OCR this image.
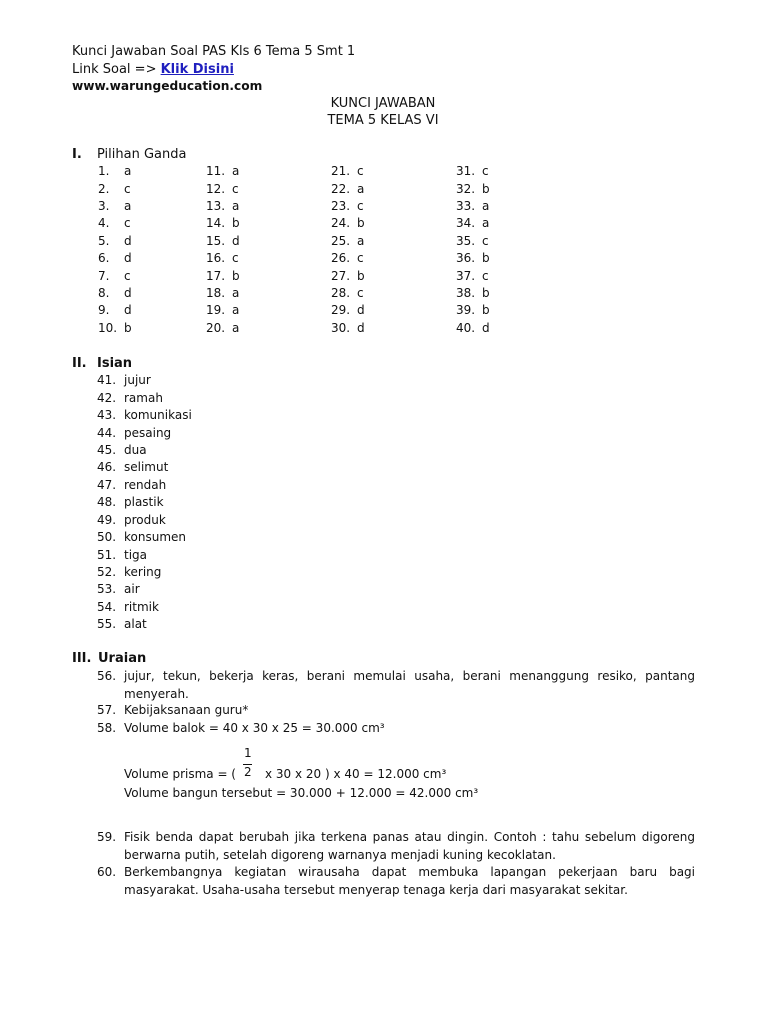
Kunci Jawaban Soal PAS Kls 6 Tema 5 Smt 1
Link Soal => Klik Disini
www.warungeducation.com
KUNCI JAWABAN
TEMA 5 KELAS VI
I. Pilihan Ganda
1. a
2. c
3. a
4. c
5. d
6. d
7. c
8. d
9. d
10. b
11. a
12. c
13. a
14. b
15. d
16. c
17. b
18. a
19. a
20. a
21. c
22. a
23. c
24. b
25. a
26. c
27. b
28. c
29. d
30. d
31. c
32. b
33. a
34. a
35. c
36. b
37. c
38. b
39. b
40. d
II. Isian
41. jujur
42. ramah
43. komunikasi
44. pesaing
45. dua
46. selimut
47. rendah
48. plastik
49. produk
50. konsumen
51. tiga
52. kering
53. air
54. ritmik
55. alat
III. Uraian
56. jujur, tekun, bekerja keras, berani memulai usaha, berani menanggung resiko, pantang menyerah.
57. Kebijaksanaan guru*
58. Volume balok = 40 x 30 x 25 = 30.000 cm³
Volume prisma = (
1
2 x 30 x 20 ) x 40 = 12.000 cm³
Volume bangun tersebut = 30.000 + 12.000 = 42.000 cm³
59. Fisik benda dapat berubah jika terkena panas atau dingin. Contoh : tahu sebelum digoreng berwarna putih, setelah digoreng warnanya menjadi kuning kecoklatan.
60. Berkembangnya kegiatan wirausaha dapat membuka lapangan pekerjaan baru bagi masyarakat. Usaha-usaha tersebut menyerap tenaga kerja dari masyarakat sekitar.
